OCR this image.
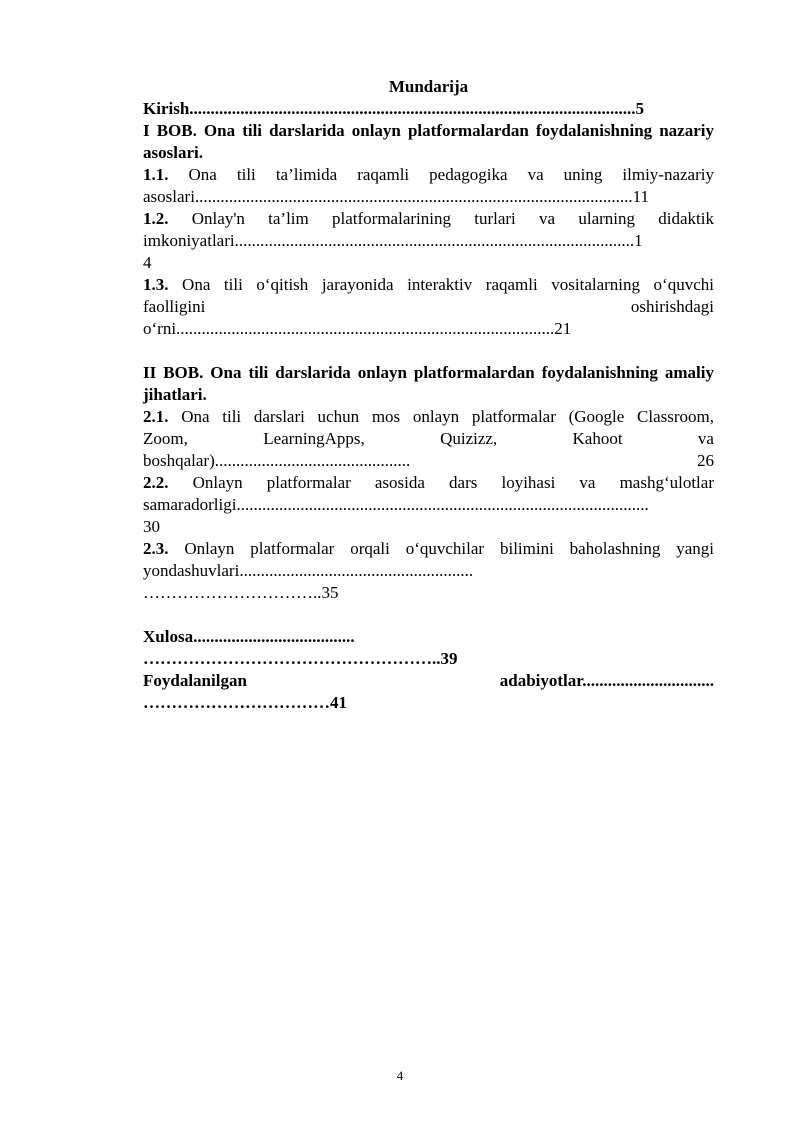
Mundarija
Kirish.........................................................................................................5
I BOB. Ona tili darslarida onlayn platformalardan foydalanishning nazariy asoslari.
1.1. Ona tili ta’limida raqamli pedagogika va uning ilmiy-nazariy
asoslari.......................................................................................................11
1.2. Onlay'n ta’lim platformalarining turlari va ularning didaktik
imkoniyatlari..............................................................................................1
4
1.3. Ona tili o‘qitish jarayonida interaktiv raqamli vositalarning o‘quvchi
faolligini	oshirishdagi
o‘rni.........................................................................................21
II BOB. Ona tili darslarida onlayn platformalardan foydalanishning amaliy jihatlari.
2.1. Ona tili darslari uchun mos onlayn platformalar (Google Classroom,
Zoom,	LearningApps,	Quizizz,	Kahoot	va
boshqalar)..............................................	26
2.2. Onlayn platformalar asosida dars loyihasi va mashg‘ulotlar
samaradorligi.................................................................................................
30
2.3. Onlayn platformalar orqali o‘quvchilar bilimini baholashning yangi
yondashuvlari.......................................................
…………………………..35
Xulosa......................................
……………………………………………..39
Foydalanilgan	adabiyotlar...............................
……………………………41
4
